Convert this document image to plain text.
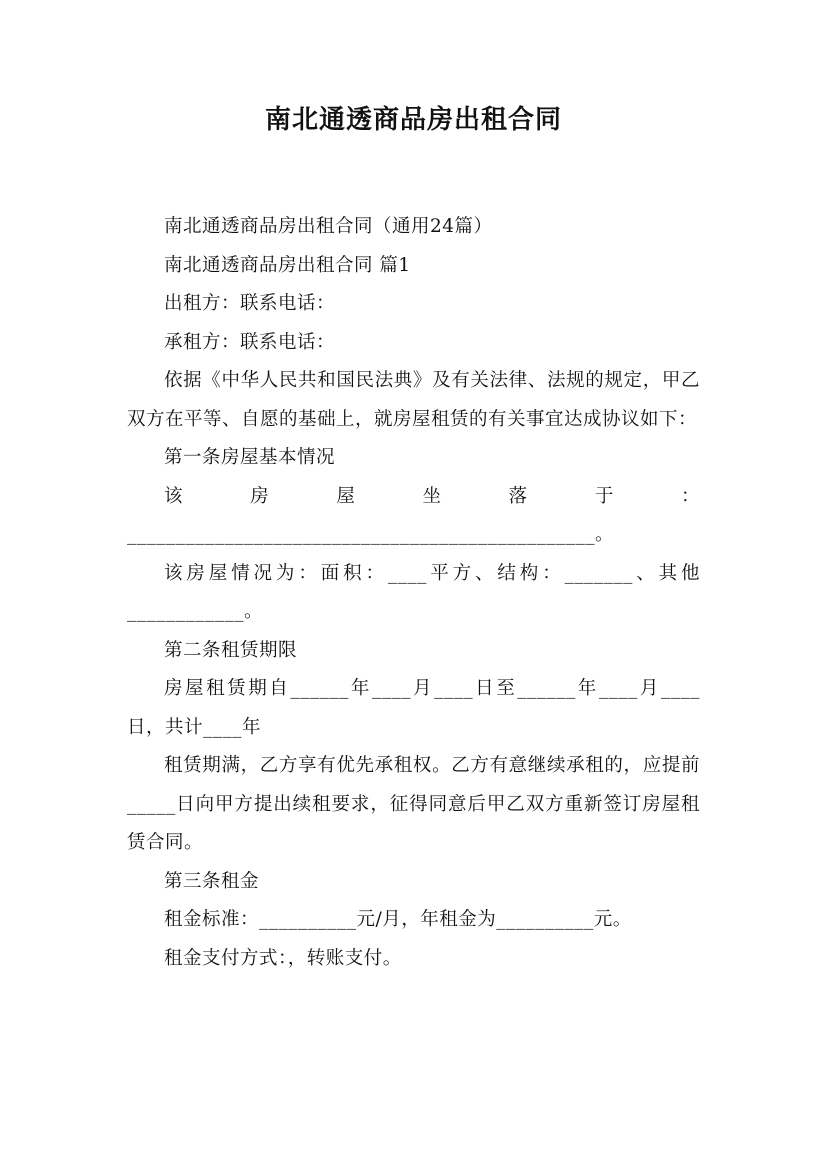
南北通透商品房出租合同

南北通透商品房出租合同（通用24篇）

南北通透商品房出租合同 篇1

出租方：联系电话：

承租方：联系电话：

依据《中华人民共和国民法典》及有关法律、法规的规定，甲乙双方在平等、自愿的基础上，就房屋租赁的有关事宜达成协议如下：

第一条房屋基本情况

该房屋坐落于：________________________________________________。

该房屋情况为：面积：____平方、结构：_______、其他____________。

第二条租赁期限

房屋租赁期自______年____月____日至______年____月____日，共计____年

租赁期满，乙方享有优先承租权。乙方有意继续承租的，应提前_____日向甲方提出续租要求，征得同意后甲乙双方重新签订房屋租赁合同。

第三条租金

租金标准：__________元/月，年租金为__________元。

租金支付方式：，转账支付。
